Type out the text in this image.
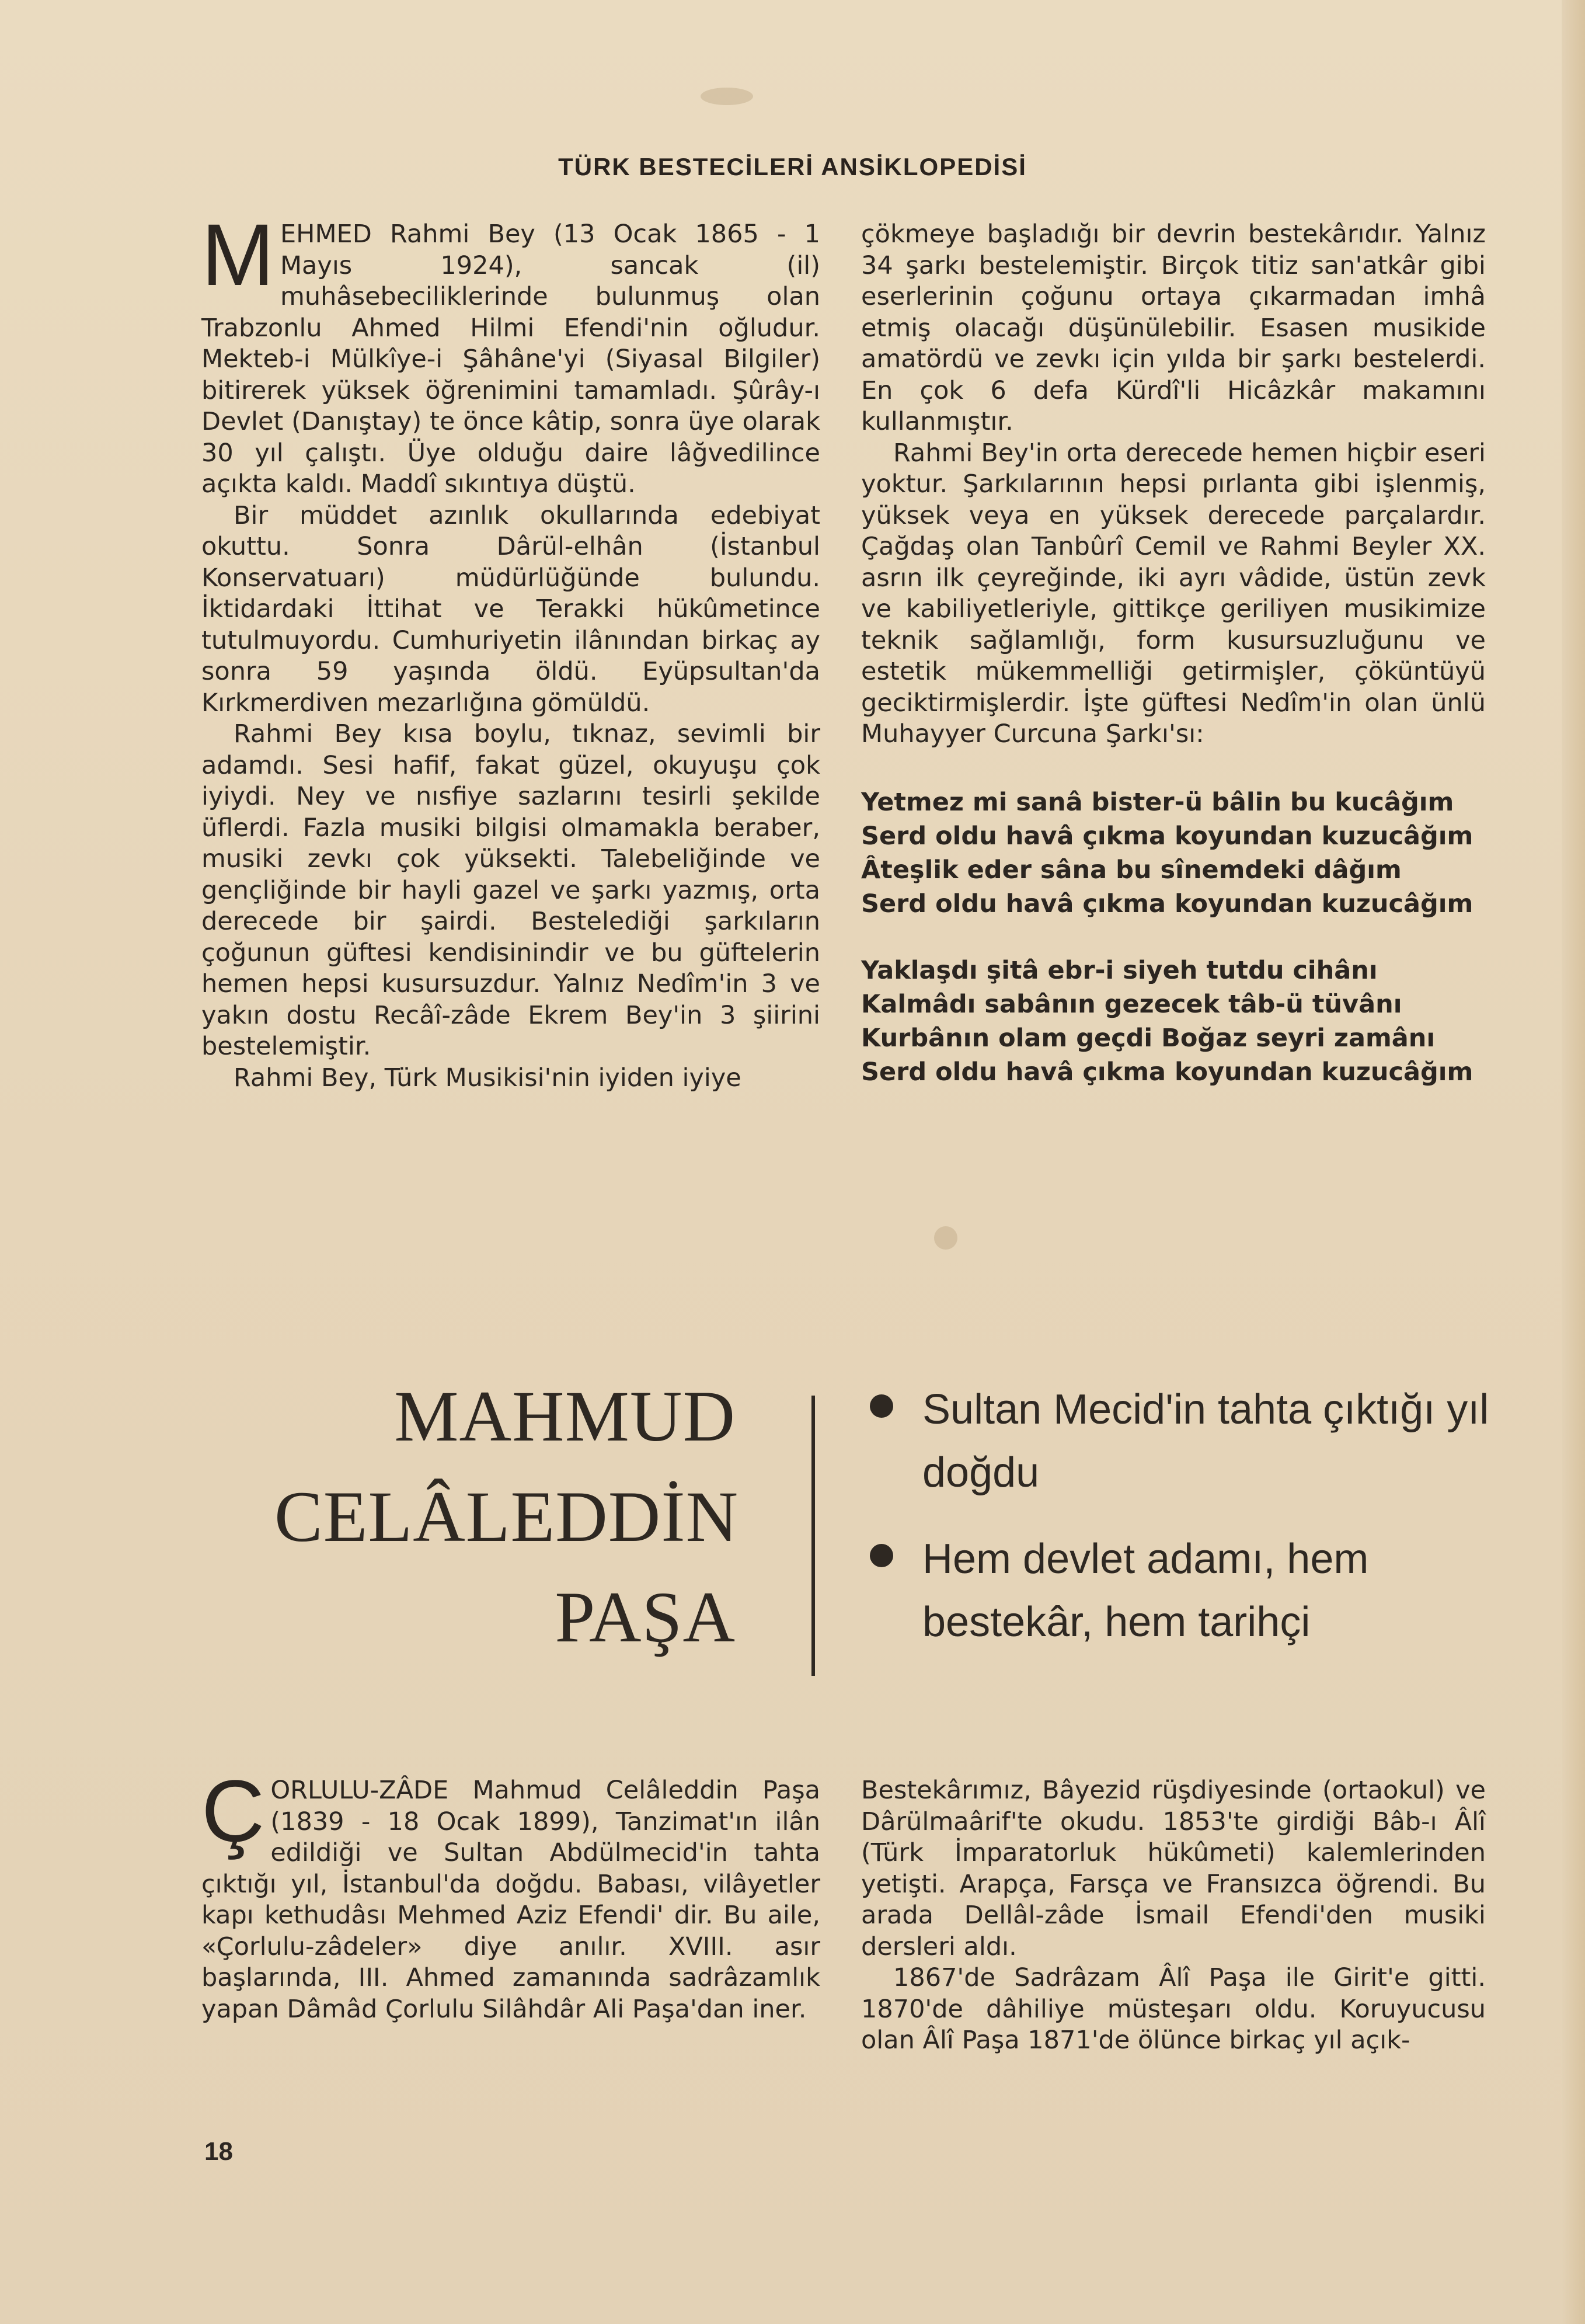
TÜRK BESTECİLERİ ANSİKLOPEDİSİ

MEHMED Rahmi Bey (13 Ocak 1865 - 1 Mayıs 1924), sancak (il) muhâsebeciliklerinde bulunmuş olan Trabzonlu Ahmed Hilmi Efendi'nin oğludur. Mekteb-i Mülkîye-i Şâhâne'yi (Siyasal Bilgiler) bitirerek yüksek öğrenimini tamamladı. Şûrây-ı Devlet (Danıştay) te önce kâtip, sonra üye olarak 30 yıl çalıştı. Üye olduğu daire lâğvedilince açıkta kaldı. Maddî sıkıntıya düştü.

Bir müddet azınlık okullarında edebiyat okuttu. Sonra Dârül-elhân (İstanbul Konservatuarı) müdürlüğünde bulundu. İktidardaki İttihat ve Terakki hükûmetince tutulmuyordu. Cumhuriyetin ilânından birkaç ay sonra 59 yaşında öldü. Eyüpsultan'da Kırkmerdiven mezarlığına gömüldü.

Rahmi Bey kısa boylu, tıknaz, sevimli bir adamdı. Sesi hafif, fakat güzel, okuyuşu çok iyiydi. Ney ve nısfiye sazlarını tesirli şekilde üflerdi. Fazla musiki bilgisi olmamakla beraber, musiki zevkı çok yüksekti. Talebeliğinde ve gençliğinde bir hayli gazel ve şarkı yazmış, orta derecede bir şairdi. Bestelediği şarkıların çoğunun güftesi kendisinindir ve bu güftelerin hemen hepsi kusursuzdur. Yalnız Nedîm'in 3 ve yakın dostu Recâî-zâde Ekrem Bey'in 3 şiirini bestelemiştir.

Rahmi Bey, Türk Musikisi'nin iyiden iyiye

çökmeye başladığı bir devrin bestekârıdır. Yalnız 34 şarkı bestelemiştir. Birçok titiz san'atkâr gibi eserlerinin çoğunu ortaya çıkarmadan imhâ etmiş olacağı düşünülebilir. Esasen musikide amatördü ve zevkı için yılda bir şarkı bestelerdi. En çok 6 defa Kürdî'li Hicâzkâr makamını kullanmıştır.

Rahmi Bey'in orta derecede hemen hiçbir eseri yoktur. Şarkılarının hepsi pırlanta gibi işlenmiş, yüksek veya en yüksek derecede parçalardır. Çağdaş olan Tanbûrî Cemil ve Rahmi Beyler XX. asrın ilk çeyreğinde, iki ayrı vâdide, üstün zevk ve kabiliyetleriyle, gittikçe geriliyen musikimize teknik sağlamlığı, form kusursuzluğunu ve estetik mükemmelliği getirmişler, çöküntüyü geciktirmişlerdir. İşte güftesi Nedîm'in olan ünlü Muhayyer Curcuna Şarkı'sı:

Yetmez mi sanâ bister-ü bâlin bu kucâğım
Serd oldu havâ çıkma koyundan kuzucâğım
Âteşlik eder sâna bu sînemdeki dâğım
Serd oldu havâ çıkma koyundan kuzucâğım
Yaklaşdı şitâ ebr-i siyeh tutdu cihânı
Kalmâdı sabânın gezecek tâb-ü tüvânı
Kurbânın olam geçdi Boğaz seyri zamânı
Serd oldu havâ çıkma koyundan kuzucâğım
MAHMUD
CELÂLEDDİN
PAŞA
Sultan Mecid'in tahta çıktığı yıl doğdu
Hem devlet adamı, hem bestekâr, hem tarihçi

ÇORLULU-ZÂDE Mahmud Celâleddin Paşa (1839 - 18 Ocak 1899), Tanzimat'ın ilân edildiği ve Sultan Abdülmecid'in tahta çıktığı yıl, İstanbul'da doğdu. Babası, vilâyetler kapı kethudâsı Mehmed Aziz Efendi' dir. Bu aile, «Çorlulu-zâdeler» diye anılır. XVIII. asır başlarında, III. Ahmed zamanında sadrâzamlık yapan Dâmâd Çorlulu Silâhdâr Ali Paşa'dan iner.

Bestekârımız, Bâyezid rüşdiyesinde (ortaokul) ve Dârülmaârif'te okudu. 1853'te girdiği Bâb-ı Âlî (Türk İmparatorluk hükûmeti) kalemlerinden yetişti. Arapça, Farsça ve Fransızca öğrendi. Bu arada Dellâl-zâde İsmail Efendi'den musiki dersleri aldı.

1867'de Sadrâzam Âlî Paşa ile Girit'e gitti. 1870'de dâhiliye müsteşarı oldu. Koruyucusu olan Âlî Paşa 1871'de ölünce birkaç yıl açık-

18
